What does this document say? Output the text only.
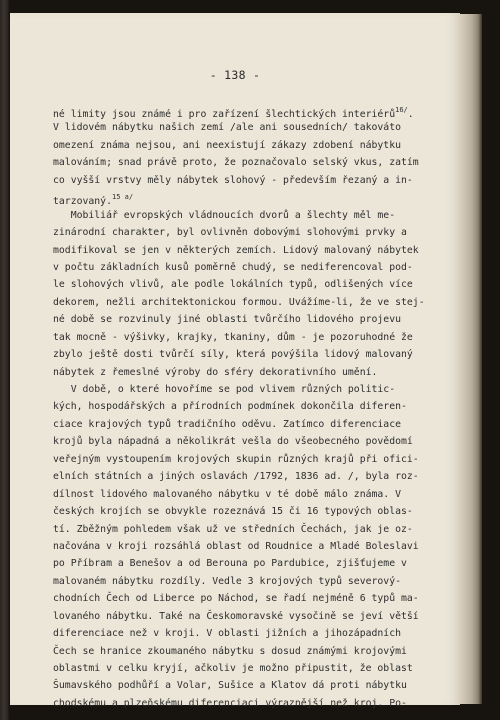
- 138 -
né limity jsou známé i pro zařízení šlechtických interiérů$^{16/}$.
V lidovém nábytku našich zemí /ale ani sousedních/ takováto
omezení známa nejsou, ani neexistují zákazy zdobení nábytku
malováním; snad právě proto, že poznačovalo selský vkus, zatím
co vyšší vrstvy měly nábytek slohový - především řezaný a in-
tarzovaný.$^{15 a/}$
Mobiliář evropských vládnoucích dvorů a šlechty měl me-
zinárodní charakter, byl ovlivněn dobovými slohovými prvky a
modifikoval se jen v některých zemích. Lidový malovaný nábytek
v počtu základních kusů poměrně chudý, se nediferencoval pod-
le slohových vlivů, ale podle lokálních typů, odlišených více
dekorem, nežli architektonickou formou. Uvážíme-li, že ve stej-
né době se rozvinuly jiné oblasti tvůrčího lidového projevu
tak mocně - výšivky, krajky, tkaniny, dům - je pozoruhodné že
zbylo ještě dosti tvůrčí síly, která povýšila lidový malovaný
nábytek z řemeslné výroby do sféry dekorativního umění.
V době, o které hovoříme se pod vlivem různých politic-
kých, hospodářských a přírodních podmínek dokončila diferen-
ciace krajových typů tradičního oděvu. Zatímco diferenciace
krojů byla nápadná a několikrát vešla do všeobecného povědomí
veřejným vystoupením krojových skupin různých krajů při ofici-
elních státních a jiných oslavách /1792, 1836 ad. /, byla roz-
dílnost lidového malovaného nábytku v té době málo známa. V
českých krojích se obvykle rozeznává 15 či 16 typových oblas-
tí. Zběžným pohledem však už ve středních Čechách, jak je oz-
načována v kroji rozsáhlá oblast od Roudnice a Mladé Boleslavi
po Příbram a Benešov a od Berouna po Pardubice, zjišťujeme v
malovaném nábytku rozdíly. Vedle 3 krojových typů severový-
chodních Čech od Liberce po Náchod, se řadí nejméně 6 typů ma-
lovaného nábytku. Také na Českomoravské vysočině se jeví větší
diferenciace než v kroji. V oblasti jižních a jihozápadních
Čech se hranice zkoumaného nábytku s dosud známými krojovými
oblastmi v celku kryjí, ačkoliv je možno připustit, že oblast
Šumavského podhůří a Volar, Sušice a Klatov dá proti nábytku
chodskému a plzeňskému diferenciaci výraznější než kroj. Po-
